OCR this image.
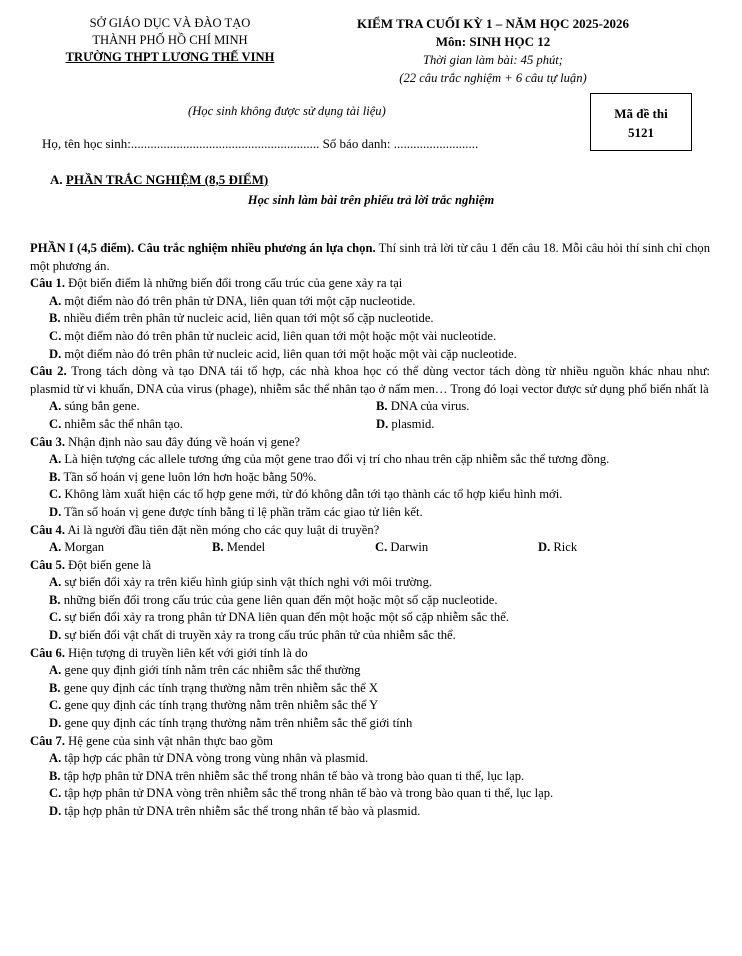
SỞ GIÁO DỤC VÀ ĐÀO TẠO
THÀNH PHỐ HỒ CHÍ MINH
TRƯỜNG THPT LƯƠNG THẾ VINH
KIỂM TRA CUỐI KỲ 1 – NĂM HỌC 2025-2026
Môn: SINH HỌC 12
Thời gian làm bài: 45 phút;
(22 câu trắc nghiệm + 6 câu tự luận)
(Học sinh không được sử dụng tài liệu)
Họ, tên học sinh:.......................................................... Số báo danh: ..........................
Mã đề thi
5121
A. PHẦN TRẮC NGHIỆM (8,5 ĐIỂM)
Học sinh làm bài trên phiếu trả lời trắc nghiệm

PHẦN I (4,5 điểm). Câu trắc nghiệm nhiều phương án lựa chọn. Thí sinh trả lời từ câu 1 đến câu 18. Mỗi câu hỏi thí sinh chỉ chọn một phương án.

Câu 1. Đột biến điểm là những biến đổi trong cấu trúc của gene xảy ra tại

A. một điểm nào đó trên phân tử DNA, liên quan tới một cặp nucleotide.

B. nhiều điểm trên phân tử nucleic acid, liên quan tới một số cặp nucleotide.

C. một điểm nào đó trên phân tử nucleic acid, liên quan tới một hoặc một vài nucleotide.

D. một điểm nào đó trên phân tử nucleic acid, liên quan tới một hoặc một vài cặp nucleotide.

Câu 2. Trong tách dòng và tạo DNA tái tổ hợp, các nhà khoa học có thể dùng vector tách dòng từ nhiều nguồn khác nhau như: plasmid từ vi khuẩn, DNA của virus (phage), nhiễm sắc thể nhân tạo ở nấm men… Trong đó loại vector được sử dụng phổ biến nhất là

A. súng bắn gene.	B. DNA của virus.
C. nhiễm sắc thể nhân tạo.	D. plasmid.

Câu 3. Nhận định nào sau đây đúng về hoán vị gene?

A. Là hiện tượng các allele tương ứng của một gene trao đổi vị trí cho nhau trên cặp nhiễm sắc thể tương đồng.

B. Tần số hoán vị gene luôn lớn hơn hoặc bằng 50%.

C. Không làm xuất hiện các tổ hợp gene mới, từ đó không dẫn tới tạo thành các tổ hợp kiểu hình mới.

D. Tần số hoán vị gene được tính bằng tỉ lệ phần trăm các giao tử liên kết.

Câu 4. Ai là người đầu tiên đặt nền móng cho các quy luật di truyền?

A. Morgan	B. Mendel	C. Darwin	D. Rick

Câu 5. Đột biến gene là

A. sự biến đổi xảy ra trên kiểu hình giúp sinh vật thích nghi với môi trường.

B. những biến đổi trong cấu trúc của gene liên quan đến một hoặc một số cặp nucleotide.

C. sự biến đổi xảy ra trong phân tử DNA liên quan đến một hoặc một số cặp nhiễm sắc thể.

D. sự biến đổi vật chất di truyền xảy ra trong cấu trúc phân tử của nhiễm sắc thể.

Câu 6. Hiện tượng di truyền liên kết với giới tính là do

A. gene quy định giới tính nằm trên các nhiễm sắc thể thường

B. gene quy định các tính trạng thường nằm trên nhiễm sắc thể X

C. gene quy định các tính trạng thường nằm trên nhiễm sắc thể Y

D. gene quy định các tính trạng thường nằm trên nhiễm sắc thể giới tính

Câu 7. Hệ gene của sinh vật nhân thực bao gồm

A. tập hợp các phân tử DNA vòng trong vùng nhân và plasmid.

B. tập hợp phân tử DNA trên nhiễm sắc thể trong nhân tế bào và trong bào quan ti thể, lục lạp.

C. tập hợp phân tử DNA vòng trên nhiễm sắc thể trong nhân tế bào và trong bào quan ti thể, lục lạp.

D. tập hợp phân tử DNA trên nhiễm sắc thể trong nhân tế bào và plasmid.
